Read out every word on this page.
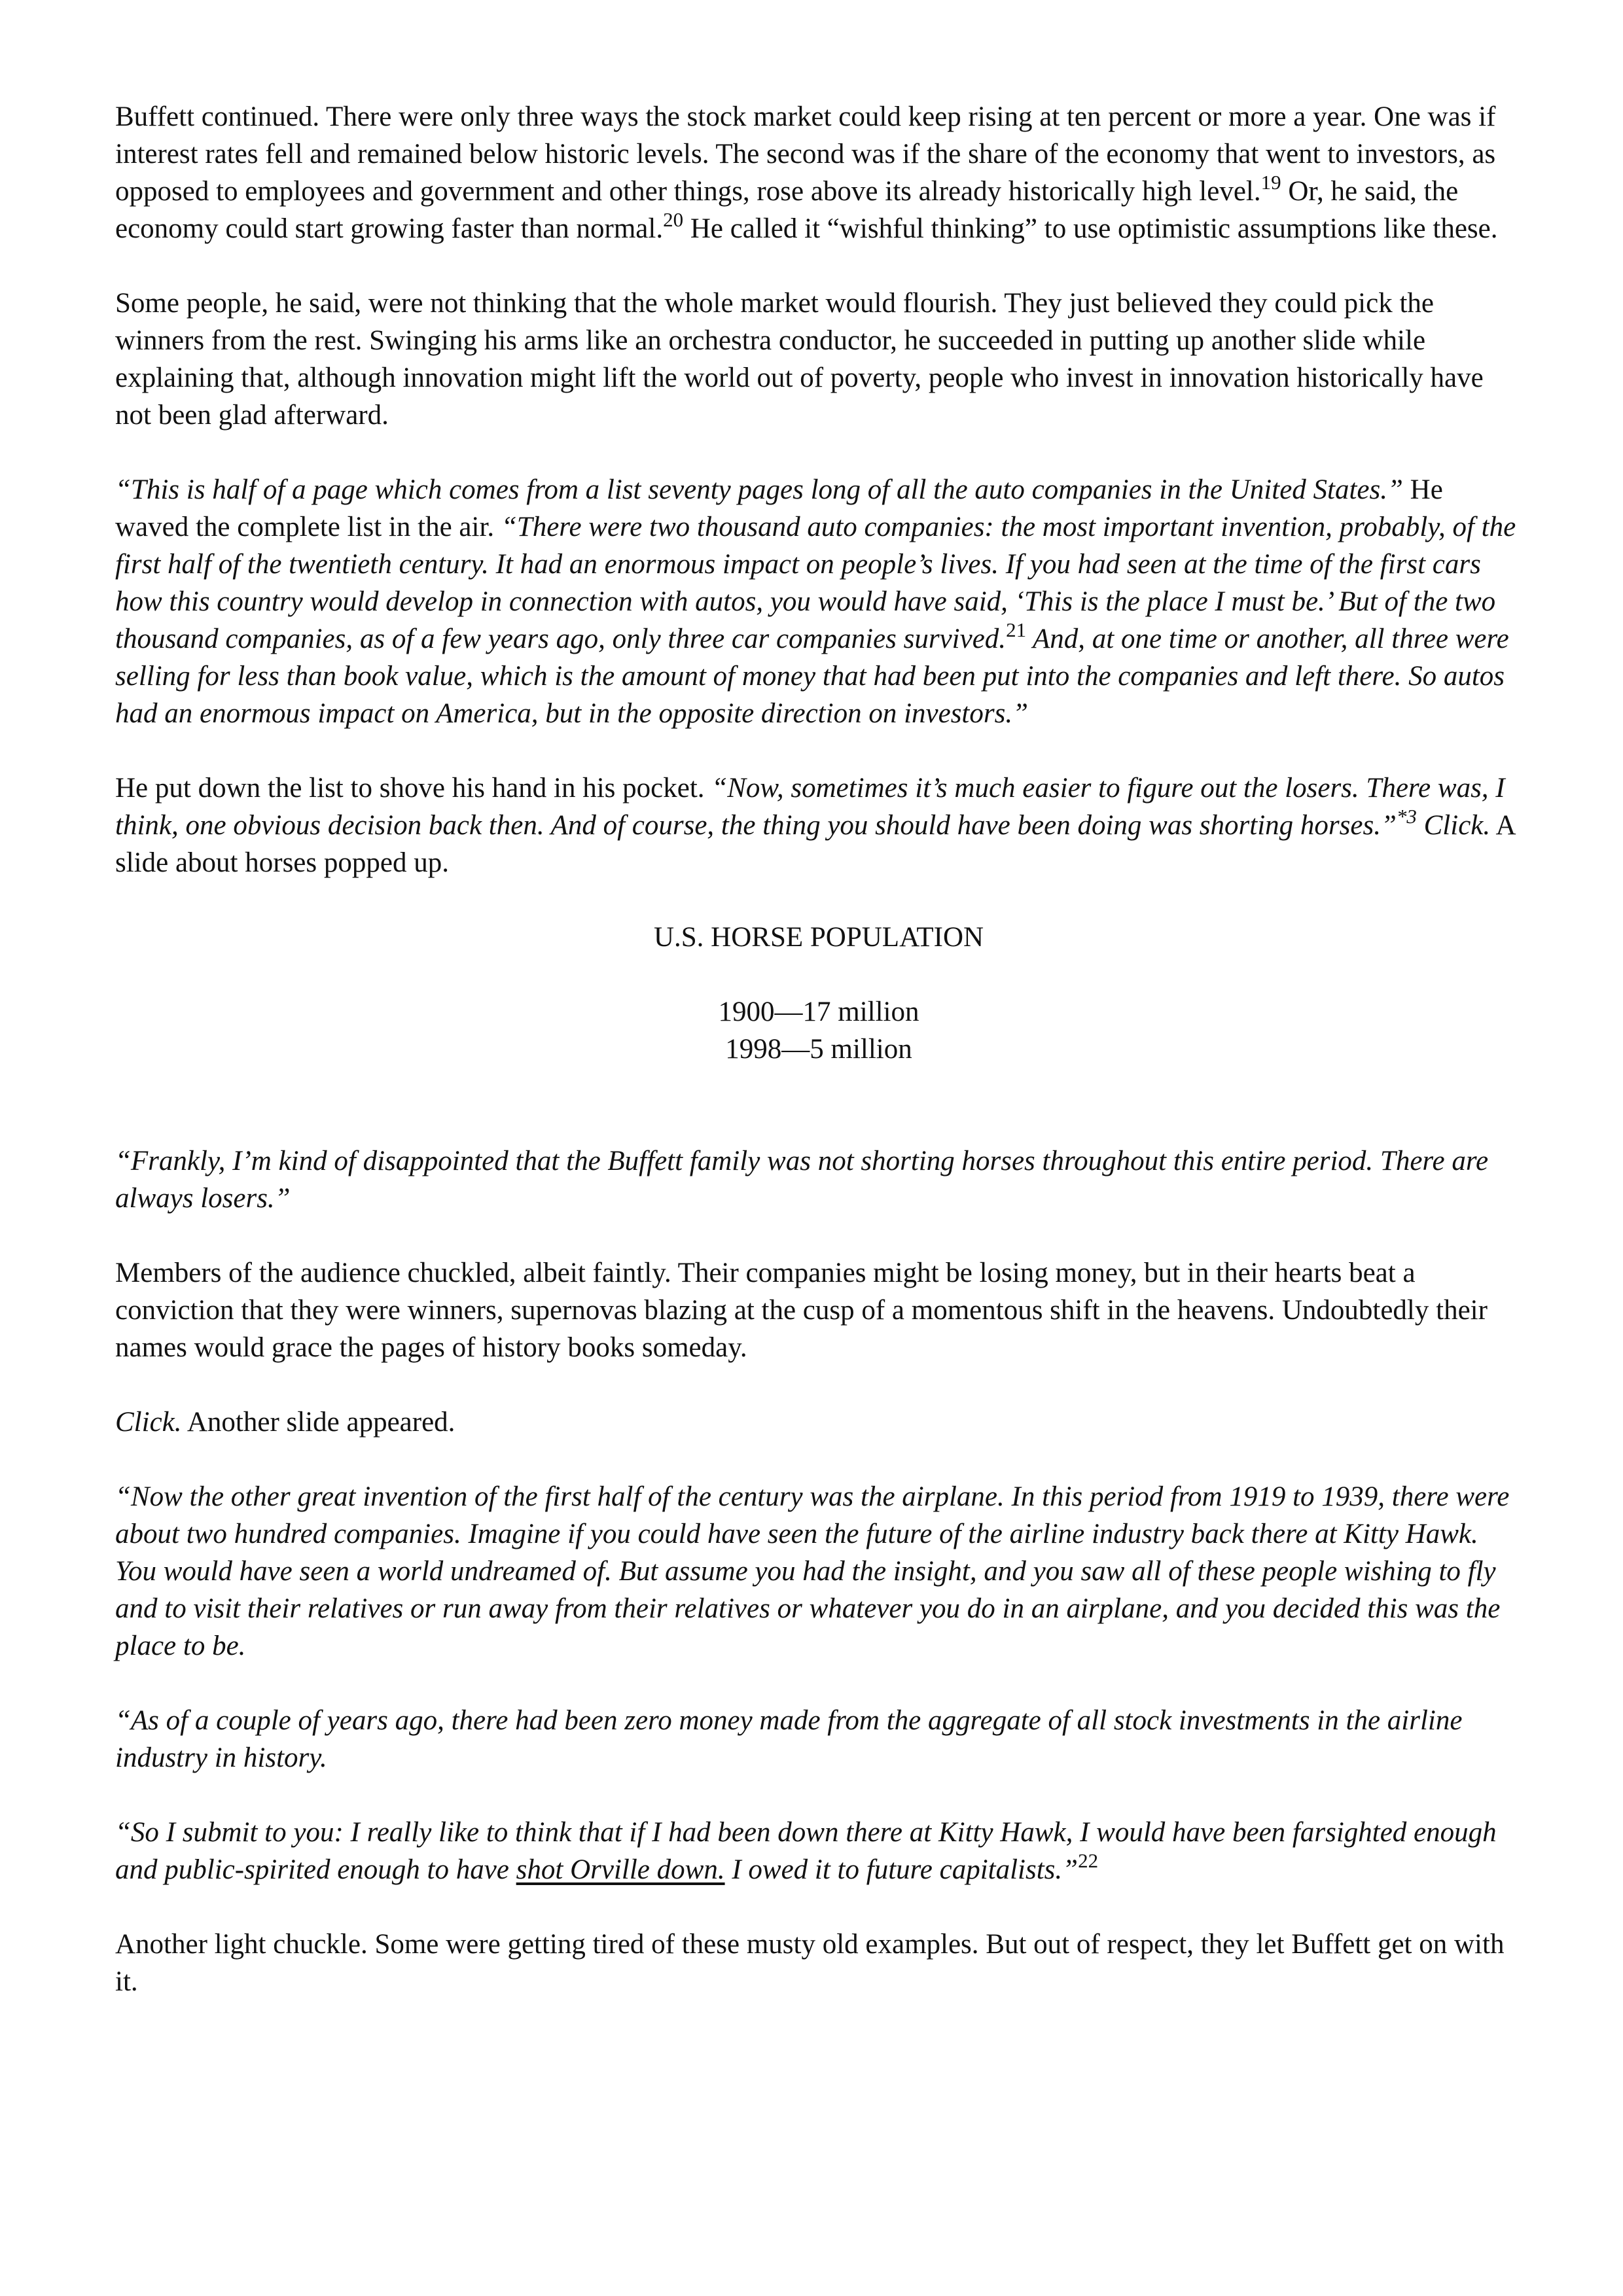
Buffett continued. There were only three ways the stock market could keep rising at ten percent or more a year. One was if interest rates fell and remained below historic levels. The second was if the share of the economy that went to investors, as opposed to employees and government and other things, rose above its already historically high level.$^{19}$ Or, he said, the economy could start growing faster than normal.$^{20}$ He called it “wishful thinking” to use optimistic assumptions like these.

Some people, he said, were not thinking that the whole market would flourish. They just believed they could pick the winners from the rest. Swinging his arms like an orchestra conductor, he succeeded in putting up another slide while explaining that, although innovation might lift the world out of poverty, people who invest in innovation historically have not been glad afterward.

“This is half of a page which comes from a list seventy pages long of all the auto companies in the United States.” He waved the complete list in the air. “There were two thousand auto companies: the most important invention, probably, of the first half of the twentieth century. It had an enormous impact on people’s lives. If you had seen at the time of the first cars how this country would develop in connection with autos, you would have said, ‘This is the place I must be.’ But of the two thousand companies, as of a few years ago, only three car companies survived.$^{21}$ And, at one time or another, all three were selling for less than book value, which is the amount of money that had been put into the companies and left there. So autos had an enormous impact on America, but in the opposite direction on investors.”

He put down the list to shove his hand in his pocket. “Now, sometimes it’s much easier to figure out the losers. There was, I think, one obvious decision back then. And of course, the thing you should have been doing was shorting horses.”$^{*3}$ Click. A slide about horses popped up.

U.S. HORSE POPULATION
1900—17 million
1998—5 million

“Frankly, I’m kind of disappointed that the Buffett family was not shorting horses throughout this entire period. There are always losers.”

Members of the audience chuckled, albeit faintly. Their companies might be losing money, but in their hearts beat a conviction that they were winners, supernovas blazing at the cusp of a momentous shift in the heavens. Undoubtedly their names would grace the pages of history books someday.

Click. Another slide appeared.

“Now the other great invention of the first half of the century was the airplane. In this period from 1919 to 1939, there were about two hundred companies. Imagine if you could have seen the future of the airline industry back there at Kitty Hawk. You would have seen a world undreamed of. But assume you had the insight, and you saw all of these people wishing to fly and to visit their relatives or run away from their relatives or whatever you do in an airplane, and you decided this was the place to be.

“As of a couple of years ago, there had been zero money made from the aggregate of all stock investments in the airline industry in history.

“So I submit to you: I really like to think that if I had been down there at Kitty Hawk, I would have been farsighted enough and public-spirited enough to have shot Orville down. I owed it to future capitalists.”$^{22}$

Another light chuckle. Some were getting tired of these musty old examples. But out of respect, they let Buffett get on with it.
